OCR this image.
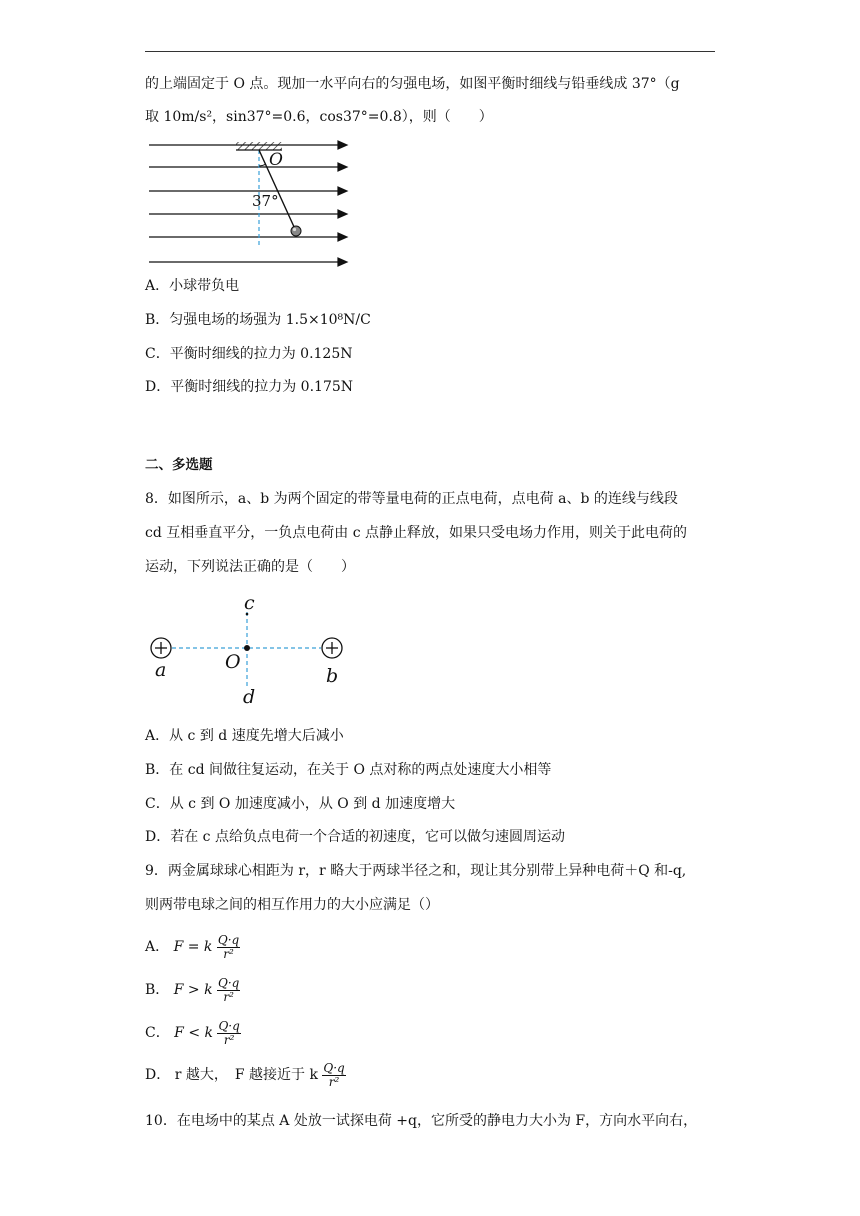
的上端固定于 O 点。现加一水平向右的匀强电场，如图平衡时细线与铅垂线成 37°（g
取 10m/s²，sin37°=0.6，cos37°=0.8），则（　　）
O
37°
A．小球带负电
B．匀强电场的场强为 1.5×10⁸N/C
C．平衡时细线的拉力为 0.125N
D．平衡时细线的拉力为 0.175N
二、多选题
8．如图所示，a、b 为两个固定的带等量电荷的正点电荷，点电荷 a、b 的连线与线段
cd 互相垂直平分，一负点电荷由 c 点静止释放，如果只受电场力作用，则关于此电荷的
运动，下列说法正确的是（　　）
c
d
O
a	b
A．从 c 到 d 速度先增大后减小
B．在 cd 间做往复运动，在关于 O 点对称的两点处速度大小相等
C．从 c 到 O 加速度减小，从 O 到 d 加速度增大
D．若在 c 点给负点电荷一个合适的初速度，它可以做匀速圆周运动
9．两金属球球心相距为 r，r 略大于两球半径之和，现让其分别带上异种电荷＋Q 和-q,
则两带电球之间的相互作用力的大小应满足（）
A． F = k $\frac{Q\cdot q}{\text{r²}}$
B． F > k $\frac{Q\cdot q}{\text{r²}}$
C． F < k $\frac{Q\cdot q}{\text{r²}}$
D． r 越大，　F 越接近于 k $\frac{Q\cdot q}{\text{r²}}$
10．在电场中的某点 A 处放一试探电荷 +q，它所受的静电力大小为 F，方向水平向右，
